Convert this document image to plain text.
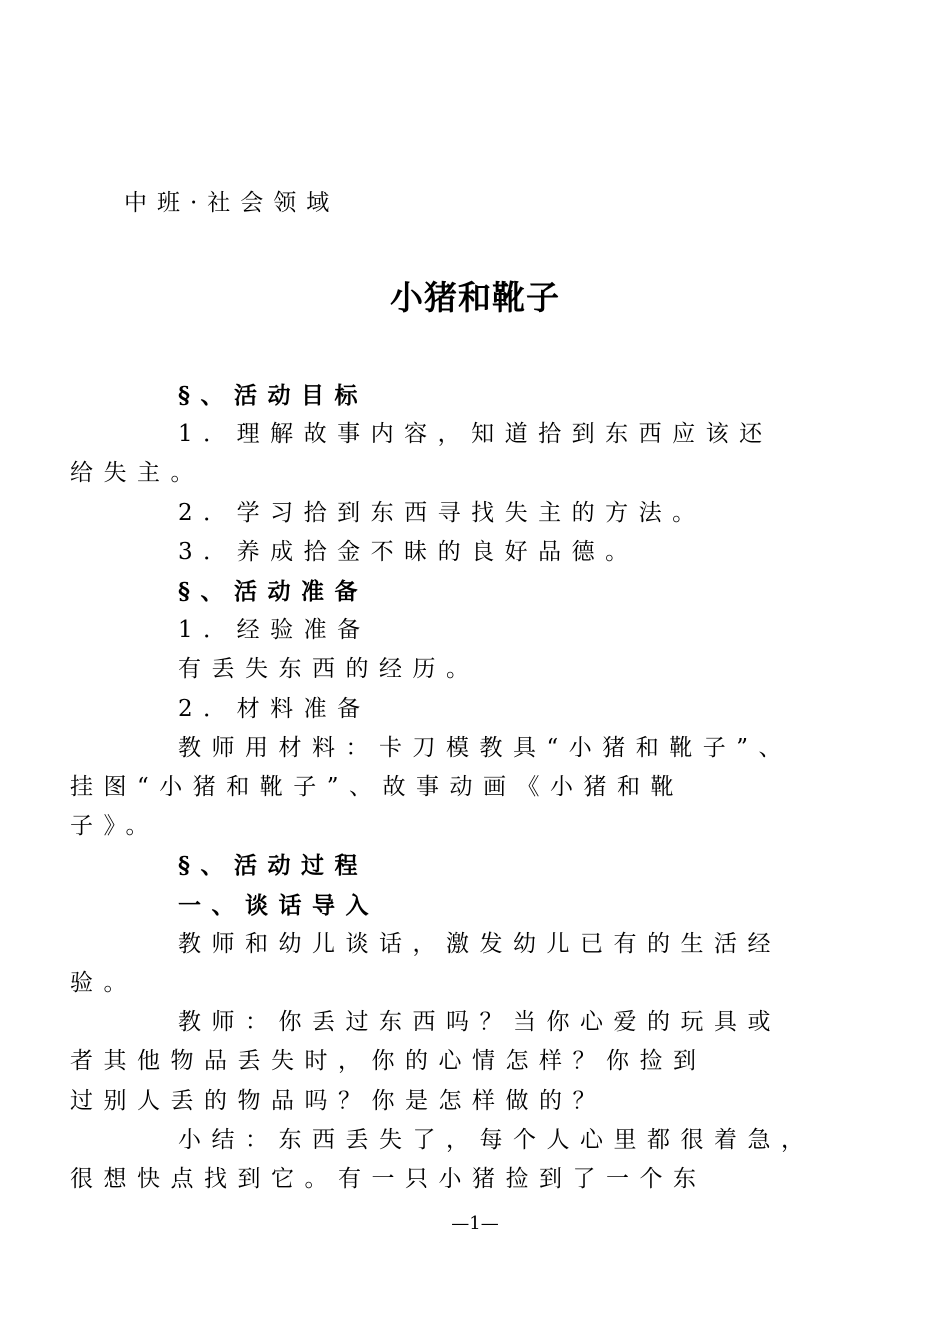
中班·社会领域
小猪和靴子

§、活动目标

1．理解故事内容，知道拾到东西应该还
给失主。

2．学习拾到东西寻找失主的方法。

3．养成拾金不昧的良好品德。

§、活动准备

1．经验准备

有丢失东西的经历。

2．材料准备

教师用材料：卡刀模教具“小猪和靴子”、
挂图“小猪和靴子”、故事动画《小猪和靴
子》。

§、活动过程

一、谈话导入

教师和幼儿谈话，激发幼儿已有的生活经
验。

教师：你丢过东西吗？当你心爱的玩具或
者其他物品丢失时，你的心情怎样？你捡到
过别人丢的物品吗？你是怎样做的？

小结：东西丢失了，每个人心里都很着急，
很想快点找到它。有一只小猪捡到了一个东

—1—
